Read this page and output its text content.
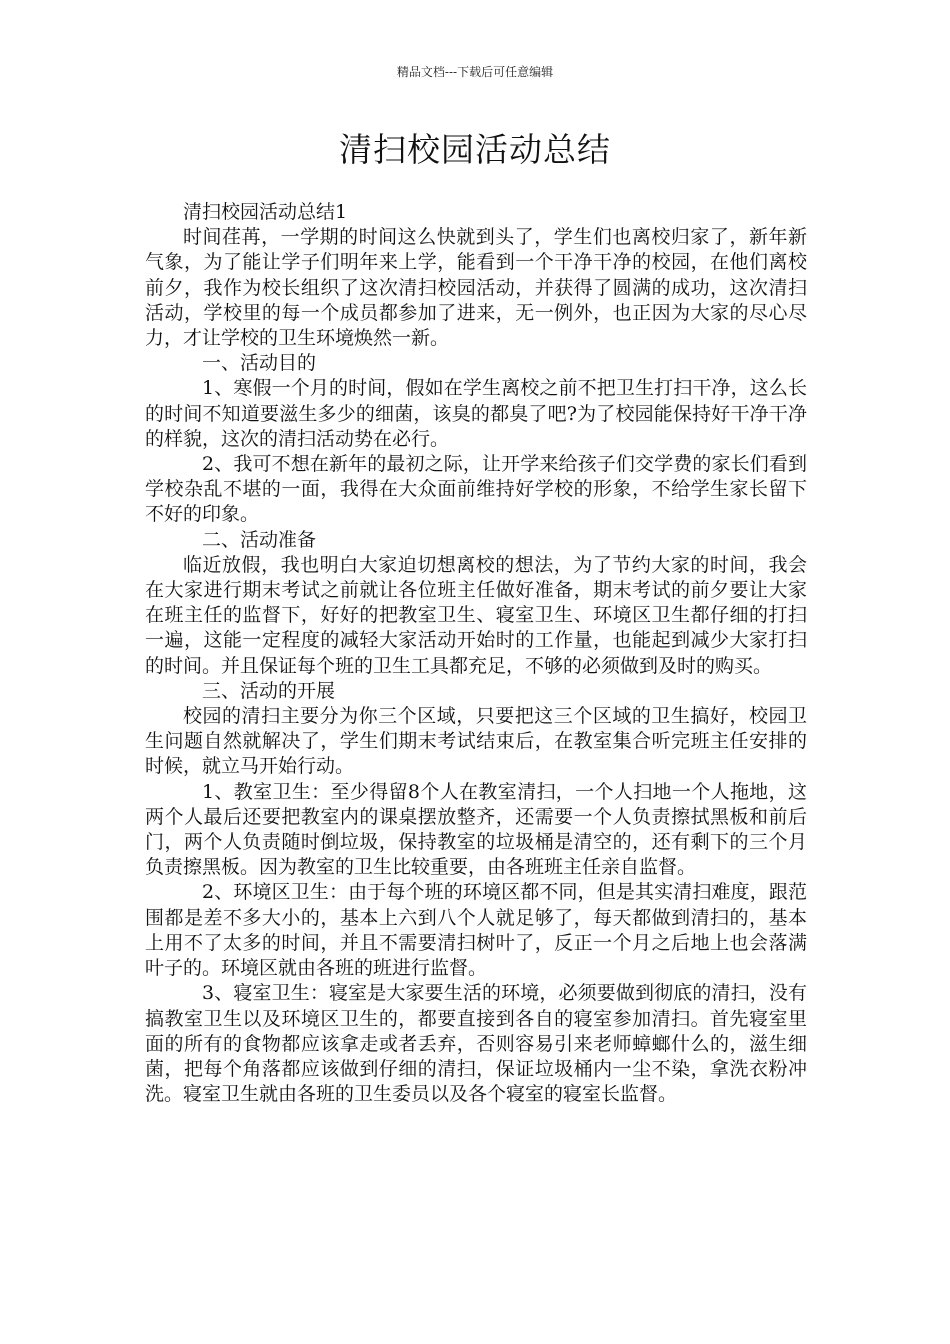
精品文档---下载后可任意编辑
清扫校园活动总结

清扫校园活动总结1

时间荏苒，一学期的时间这么快就到头了，学生们也离校归家了，新年新气象，为了能让学子们明年来上学，能看到一个干净干净的校园，在他们离校前夕，我作为校长组织了这次清扫校园活动，并获得了圆满的成功，这次清扫活动，学校里的每一个成员都参加了进来，无一例外，也正因为大家的尽心尽力，才让学校的卫生环境焕然一新。

一、活动目的

1、寒假一个月的时间，假如在学生离校之前不把卫生打扫干净，这么长的时间不知道要滋生多少的细菌，该臭的都臭了吧?为了校园能保持好干净干净的样貌，这次的清扫活动势在必行。

2、我可不想在新年的最初之际，让开学来给孩子们交学费的家长们看到学校杂乱不堪的一面，我得在大众面前维持好学校的形象，不给学生家长留下不好的印象。

二、活动准备

临近放假，我也明白大家迫切想离校的想法，为了节约大家的时间，我会在大家进行期末考试之前就让各位班主任做好准备，期末考试的前夕要让大家在班主任的监督下，好好的把教室卫生、寝室卫生、环境区卫生都仔细的打扫一遍，这能一定程度的减轻大家活动开始时的工作量，也能起到减少大家打扫的时间。并且保证每个班的卫生工具都充足，不够的必须做到及时的购买。

三、活动的开展

校园的清扫主要分为你三个区域，只要把这三个区域的卫生搞好，校园卫生问题自然就解决了，学生们期末考试结束后，在教室集合听完班主任安排的时候，就立马开始行动。

1、教室卫生：至少得留8个人在教室清扫，一个人扫地一个人拖地，这两个人最后还要把教室内的课桌摆放整齐，还需要一个人负责擦拭黑板和前后门，两个人负责随时倒垃圾，保持教室的垃圾桶是清空的，还有剩下的三个月负责擦黑板。因为教室的卫生比较重要，由各班班主任亲自监督。

2、环境区卫生：由于每个班的环境区都不同，但是其实清扫难度，跟范围都是差不多大小的，基本上六到八个人就足够了，每天都做到清扫的，基本上用不了太多的时间，并且不需要清扫树叶了，反正一个月之后地上也会落满叶子的。环境区就由各班的班进行监督。

3、寝室卫生：寝室是大家要生活的环境，必须要做到彻底的清扫，没有搞教室卫生以及环境区卫生的，都要直接到各自的寝室参加清扫。首先寝室里面的所有的食物都应该拿走或者丢弃，否则容易引来老师蟑螂什么的，滋生细菌，把每个角落都应该做到仔细的清扫，保证垃圾桶内一尘不染，拿洗衣粉冲洗。寝室卫生就由各班的卫生委员以及各个寝室的寝室长监督。
